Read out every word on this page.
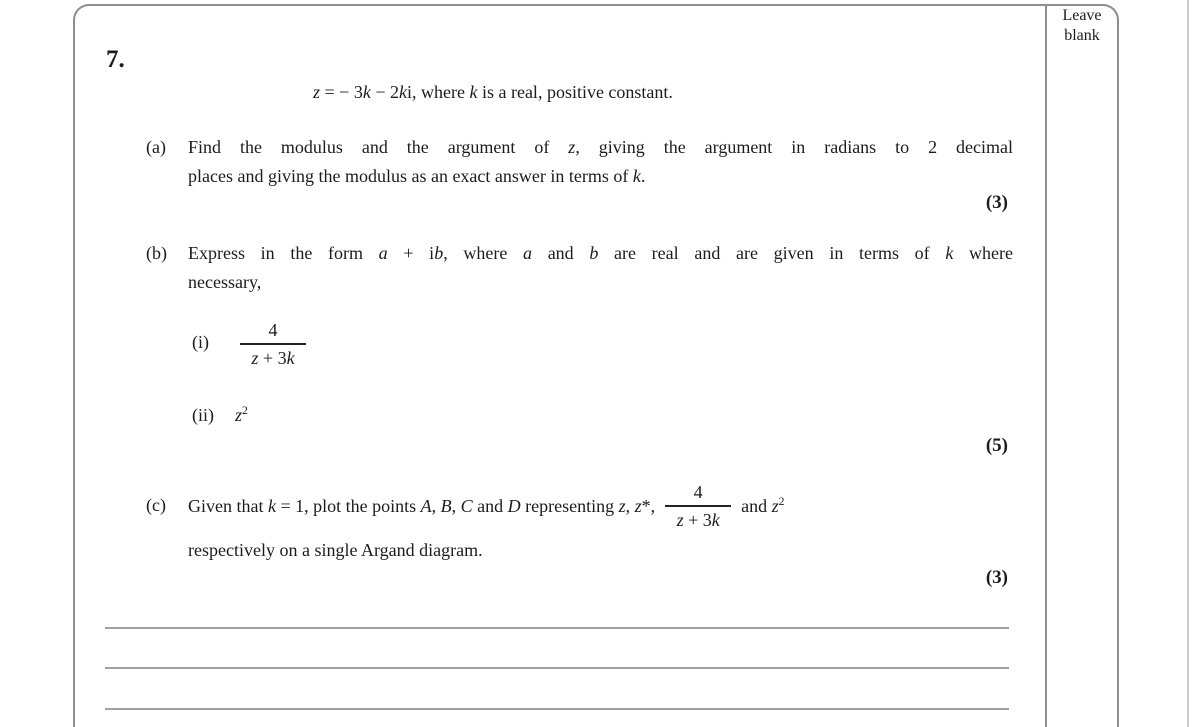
Leave
blank
7.
z = − 3k − 2ki, where k is a real, positive constant.
(a)	Find the modulus and the argument of z, giving the argument in radians to 2 decimal
places and giving the modulus as an exact answer in terms of k.
(3)
(b)	Express in the form a + ib, where a and b are real and are given in terms of k where
necessary,
(i)
4
z + 3k
(ii) $z^2$
(5)
(c)	Given that k = 1, plot the points A, B, C and D representing z, z*, $\frac{4}{z + 3k}$ and $z^2$
respectively on a single Argand diagram.
(3)
